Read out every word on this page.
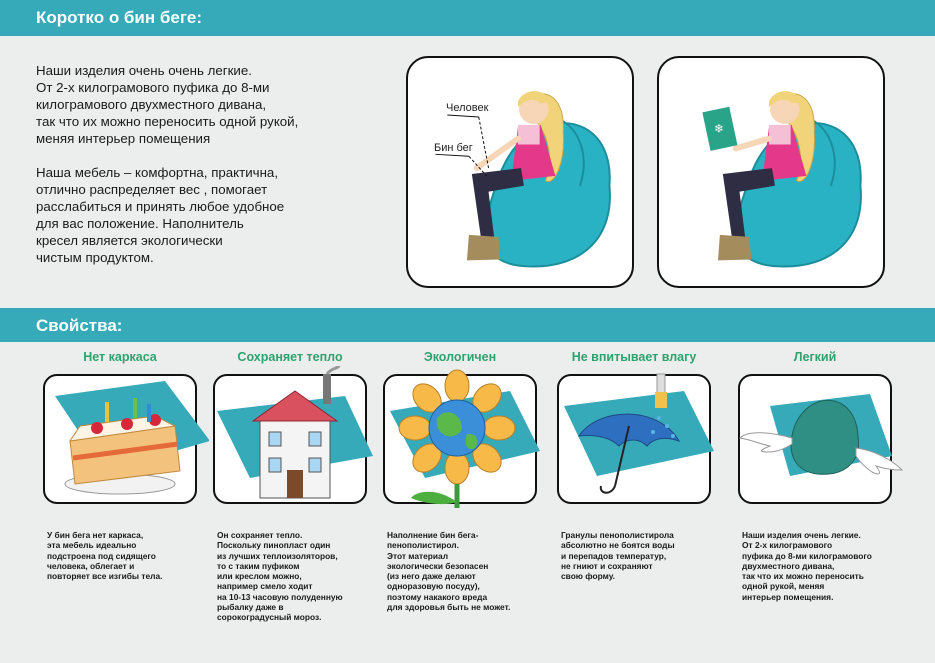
Коротко о бин беге:

Наши изделия очень очень легкие.
От 2-х килограмового пуфика до 8-ми
килограмового двухместного дивана,
так что их можно переносить одной рукой,
меняя интерьер помещения

Наша мебель – комфортна, практична,
отлично распределяет вес , помогает
расслабиться и принять любое удобное
для вас положение. Наполнитель
кресел является экологически
чистым продуктом.

Человек
Бин бег
❄
Свойства:
Нет каркаса
У бин бега нет каркаса,
эта мебель идеально
подстроена под сидящего
человека, облегает и
повторяет все изгибы тела.
Сохраняет тепло
Он сохраняет тепло.
Поскольку пинопласт один
из лучших теплоизоляторов,
то с таким пуфиком
или креслом можно,
например смело ходит
на 10-13 часовую полуденную
рыбалку даже в
сорокоградусный мороз.
Экологичен
Наполнение бин бега-
пенополистирол.
Этот материал
экологически безопасен
(из него даже делают
одноразовую посуду),
поэтому накакого вреда
для здоровья быть не может.
Не впитывает влагу
Гранулы пенополистирола
абсолютно не боятся воды
и перепадов температур,
не гниют и сохраняют
свою форму.
Легкий
Наши изделия очень легкие.
От 2-х килограмового
пуфика до 8-ми килограмового
двухместного дивана,
так что их можно переносить
одной рукой, меняя
интерьер помещения.
